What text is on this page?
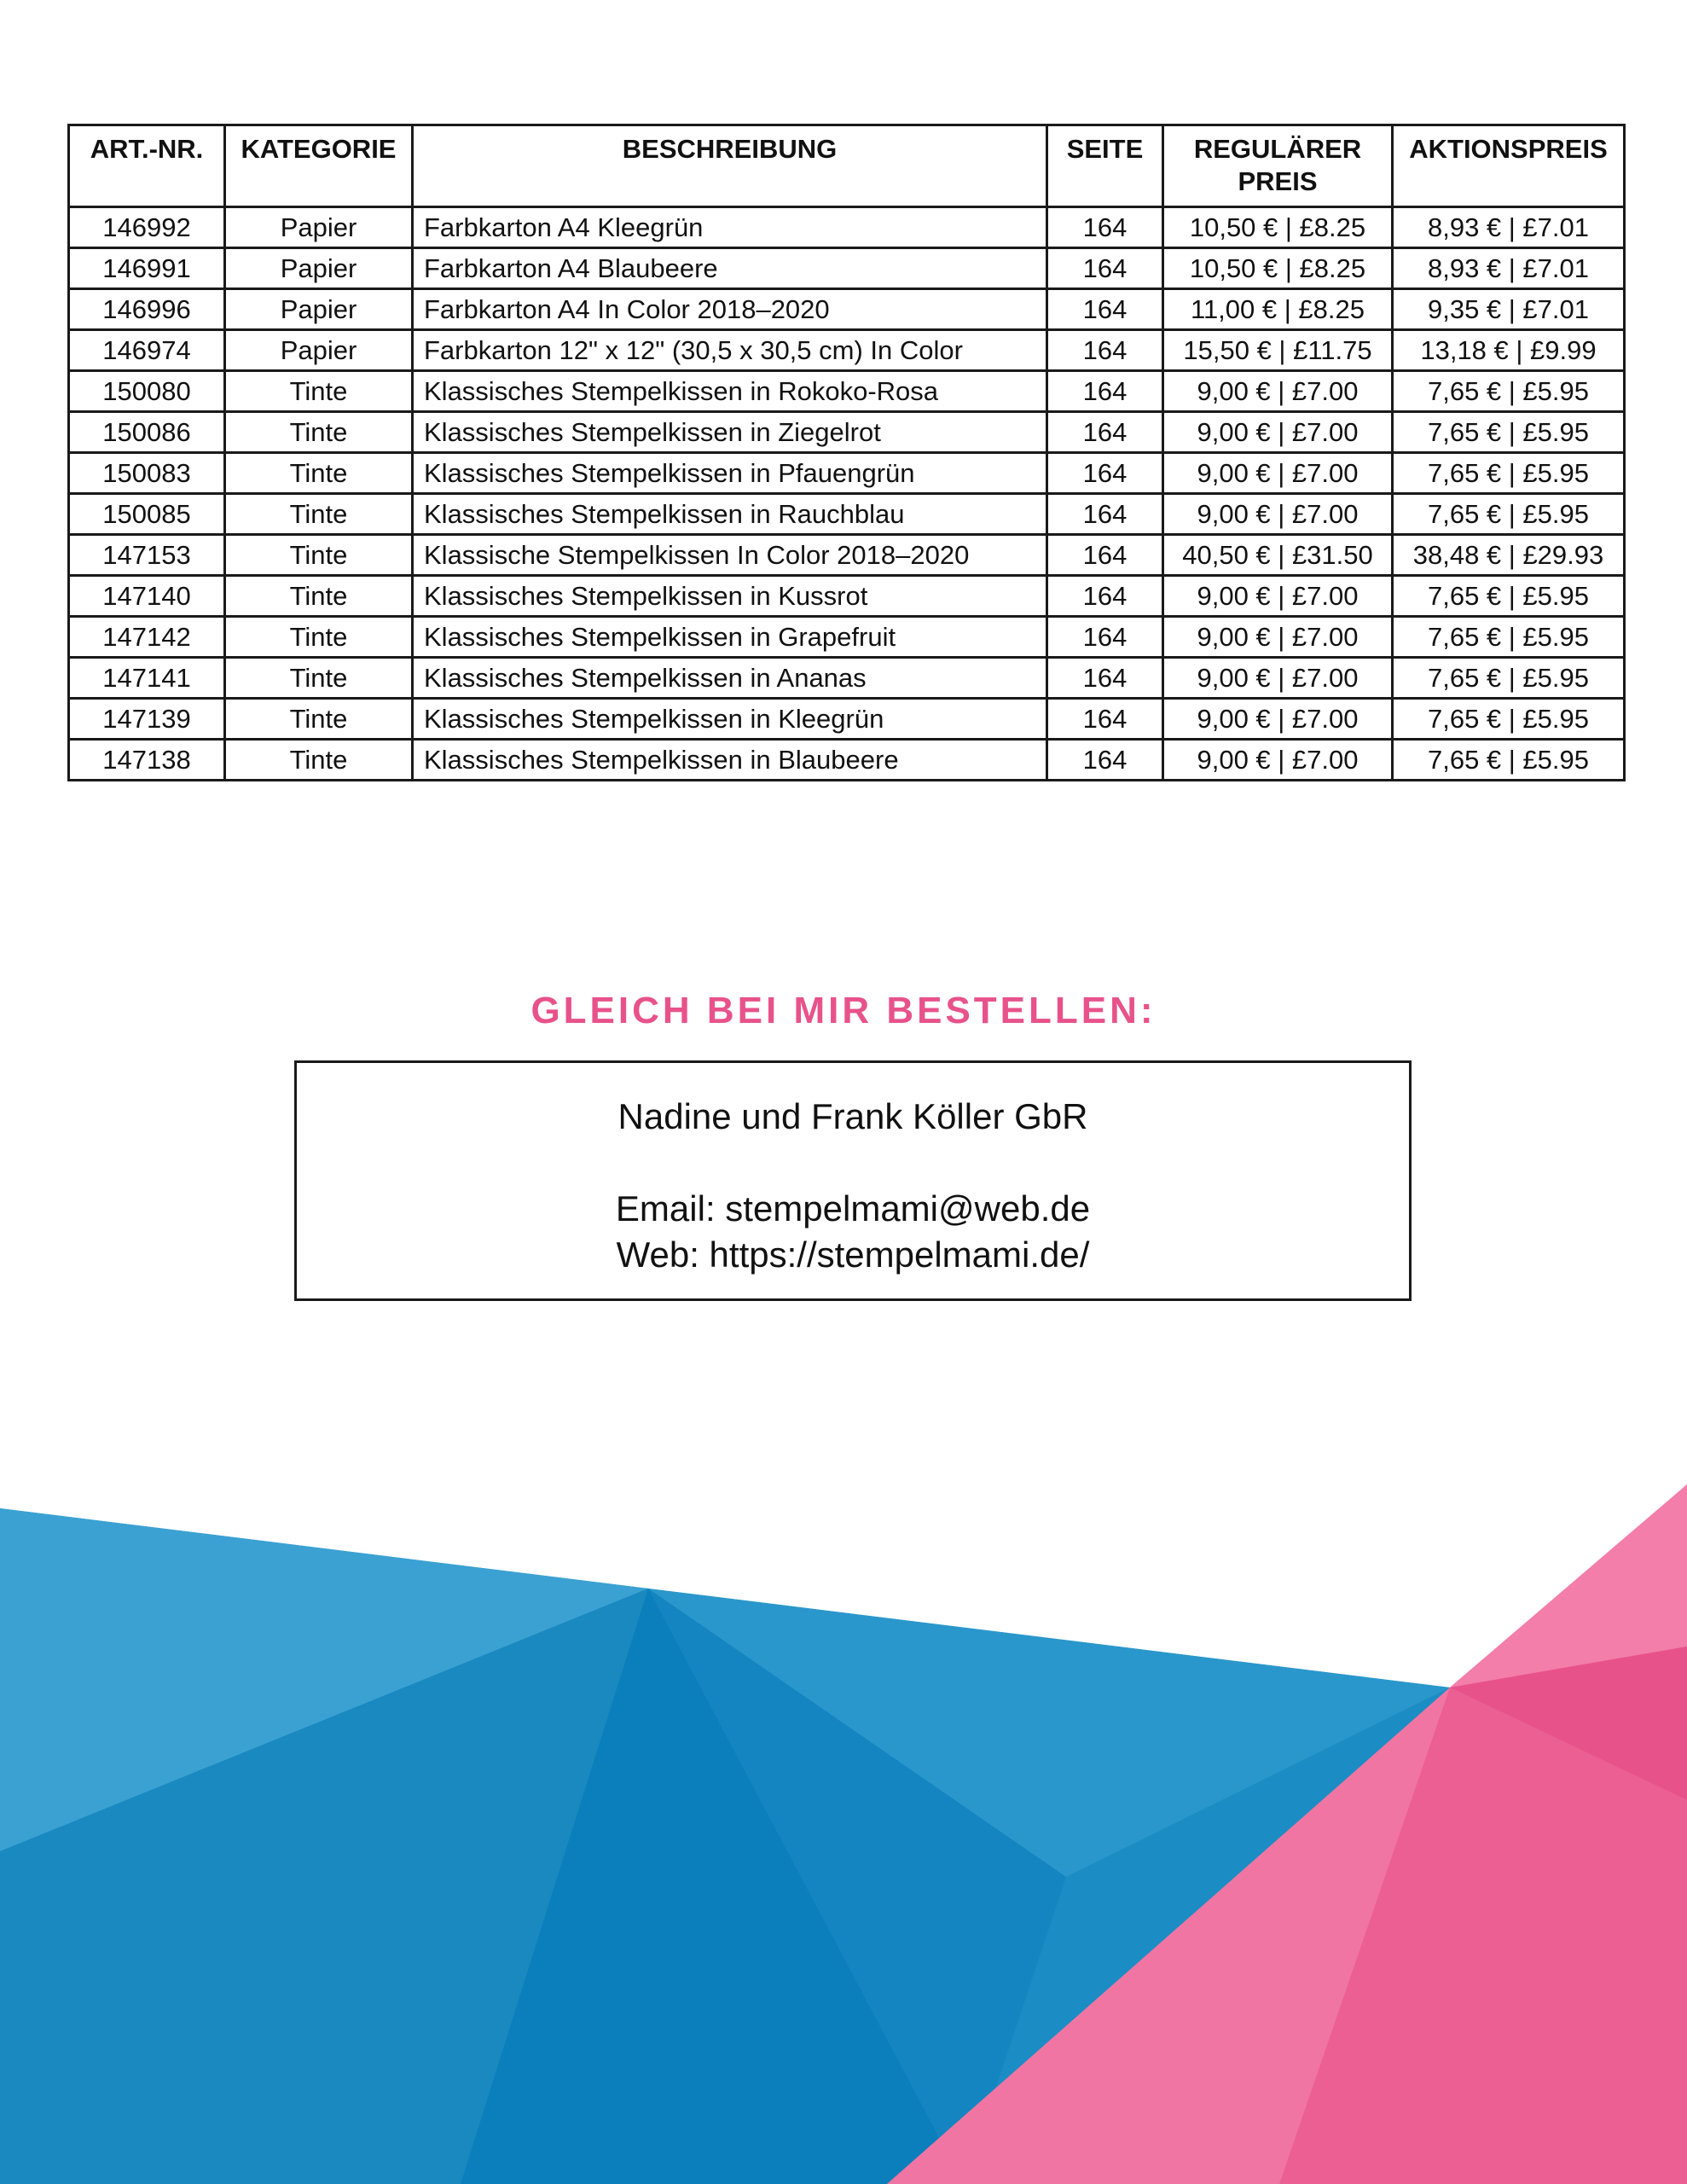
ART.-NR.	KATEGORIE	BESCHREIBUNG	SEITE	REGULÄRER PREIS	AKTIONSPREIS
146992	Papier	Farbkarton A4 Kleegrün	164	10,50 € | £8.25	8,93 € | £7.01
146991	Papier	Farbkarton A4 Blaubeere	164	10,50 € | £8.25	8,93 € | £7.01
146996	Papier	Farbkarton A4 In Color 2018–2020	164	11,00 € | £8.25	9,35 € | £7.01
146974	Papier	Farbkarton 12" x 12" (30,5 x 30,5 cm) In Color	164	15,50 € | £11.75	13,18 € | £9.99
150080	Tinte	Klassisches Stempelkissen in Rokoko-Rosa	164	9,00 € | £7.00	7,65 € | £5.95
150086	Tinte	Klassisches Stempelkissen in Ziegelrot	164	9,00 € | £7.00	7,65 € | £5.95
150083	Tinte	Klassisches Stempelkissen in Pfauengrün	164	9,00 € | £7.00	7,65 € | £5.95
150085	Tinte	Klassisches Stempelkissen in Rauchblau	164	9,00 € | £7.00	7,65 € | £5.95
147153	Tinte	Klassische Stempelkissen In Color 2018–2020	164	40,50 € | £31.50	38,48 € | £29.93
147140	Tinte	Klassisches Stempelkissen in Kussrot	164	9,00 € | £7.00	7,65 € | £5.95
147142	Tinte	Klassisches Stempelkissen in Grapefruit	164	9,00 € | £7.00	7,65 € | £5.95
147141	Tinte	Klassisches Stempelkissen in Ananas	164	9,00 € | £7.00	7,65 € | £5.95
147139	Tinte	Klassisches Stempelkissen in Kleegrün	164	9,00 € | £7.00	7,65 € | £5.95
147138	Tinte	Klassisches Stempelkissen in Blaubeere	164	9,00 € | £7.00	7,65 € | £5.95
GLEICH BEI MIR BESTELLEN:
Nadine und Frank Köller GbR
Email: stempelmami@web.de
Web: https://stempelmami.de/
